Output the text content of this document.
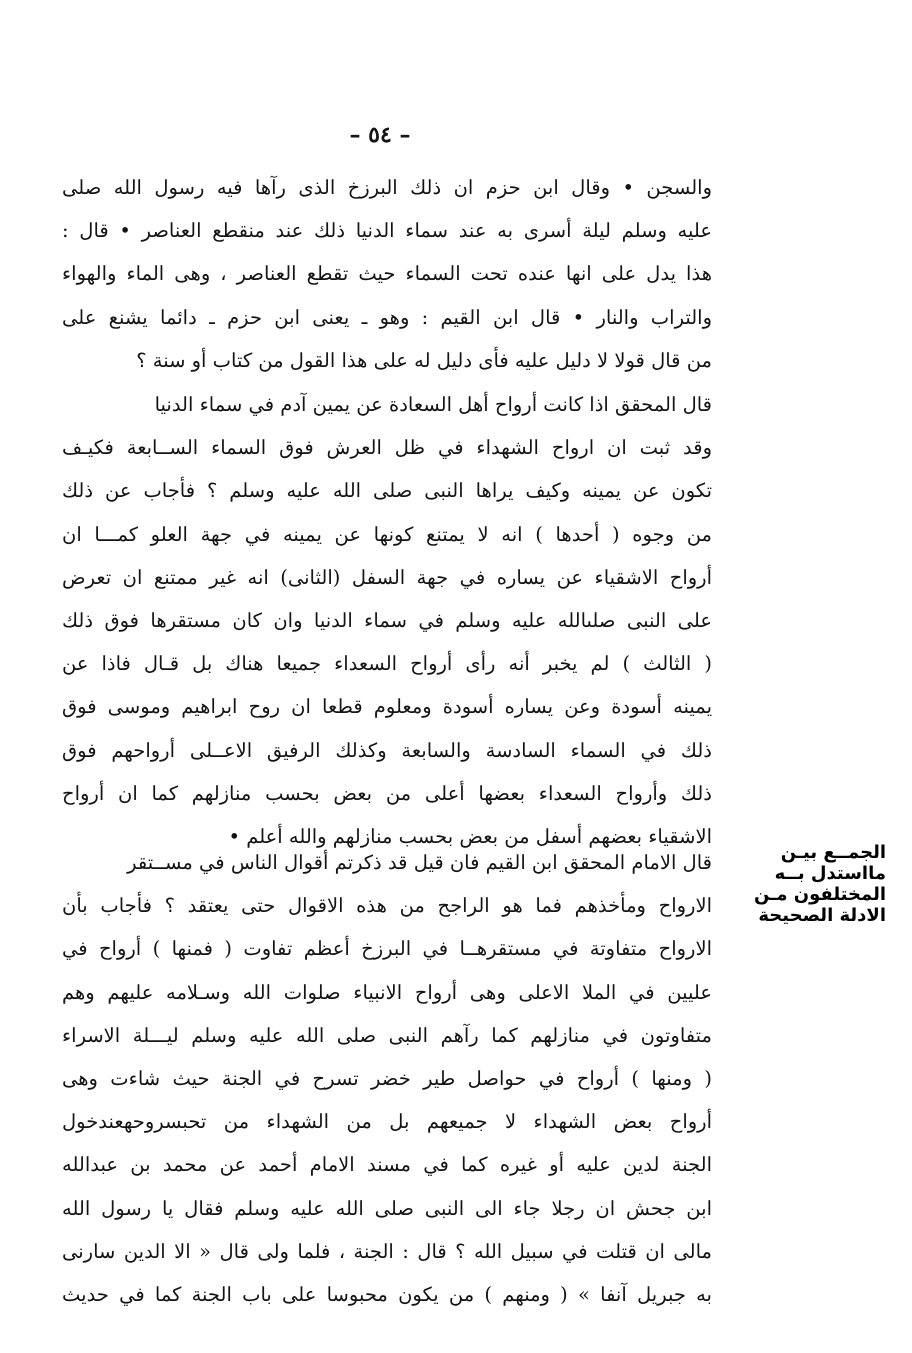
– ٥٤ –
والسجن • وقال ابن حزم ان ذلك البرزخ الذى رآها فيه رسول الله صلى
عليه وسلم ليلة أسرى به عند سماء الدنيا ذلك عند منقطع العناصر • قال :
هذا يدل على انها عنده تحت السماء حيث تقطع العناصر ، وهى الماء والهواء
والتراب والنار • قال ابن القيم : وهو ـ يعنى ابن حزم ـ دائما يشنع على
من قال قولا لا دليل عليه فأى دليل له على هذا القول من كتاب أو سنة ؟
قال المحقق اذا كانت أرواح أهل السعادة عن يمين آدم في سماء الدنيا
وقد ثبت ان ارواح الشهداء في ظل العرش فوق السماء الســابعة فكيـف
تكون عن يمينه وكيف يراها النبى صلى الله عليه وسلم ؟ فأجاب عن ذلك
من وجوه ( أحدها ) انه لا يمتنع كونها عن يمينه في جهة العلو كمـــا ان
أرواح الاشقياء عن يساره في جهة السفل (الثانى) انه غير ممتنع ان تعرض
على النبى صلىالله عليه وسلم في سماء الدنيا وان كان مستقرها فوق ذلك
( الثالث ) لم يخبر أنه رأى أرواح السعداء جميعا هناك بل قـال فاذا عن
يمينه أسودة وعن يساره أسودة ومعلوم قطعا ان روح ابراهيم وموسى فوق
ذلك في السماء السادسة والسابعة وكذلك الرفيق الاعــلى أرواحهم فوق
ذلك وأرواح السعداء بعضها أعلى من بعض بحسب منازلهم كما ان أرواح
الاشقياء بعضهم أسفل من بعض بحسب منازلهم والله أعلم •
قال الامام المحقق ابن القيم فان قيل قد ذكرتم أقوال الناس في مســتقر
الارواح ومأخذهم فما هو الراجح من هذه الاقوال حتى يعتقد ؟ فأجاب بأن
الارواح متفاوتة في مستقرهــا في البرزخ أعظم تفاوت ( فمنها ) أرواح في
عليين في الملا الاعلى وهى أرواح الانبياء صلوات الله وسـلامه عليهم وهم
متفاوتون في منازلهم كما رآهم النبى صلى الله عليه وسلم ليـــلة الاسراء
( ومنها ) أرواح في حواصل طير خضر تسرح في الجنة حيث شاءت وهى
أرواح بعض الشهداء لا جميعهم بل من الشهداء من تحبسروحهعندخول
الجنة لدين عليه أو غيره كما في مسند الامام أحمد عن محمد بن عبدالله
ابن جحش ان رجلا جاء الى النبى صلى الله عليه وسلم فقال يا رسول الله
مالى ان قتلت في سبيل الله ؟ قال : الجنة ، فلما ولى قال « الا الدين سارنى
به جبريل آنفا » ( ومنهم ) من يكون محبوسا على باب الجنة كما في حديث
الجمــع بيـن
مااستدل بــه
المختلفون مـن
الادلة الصحيحة
